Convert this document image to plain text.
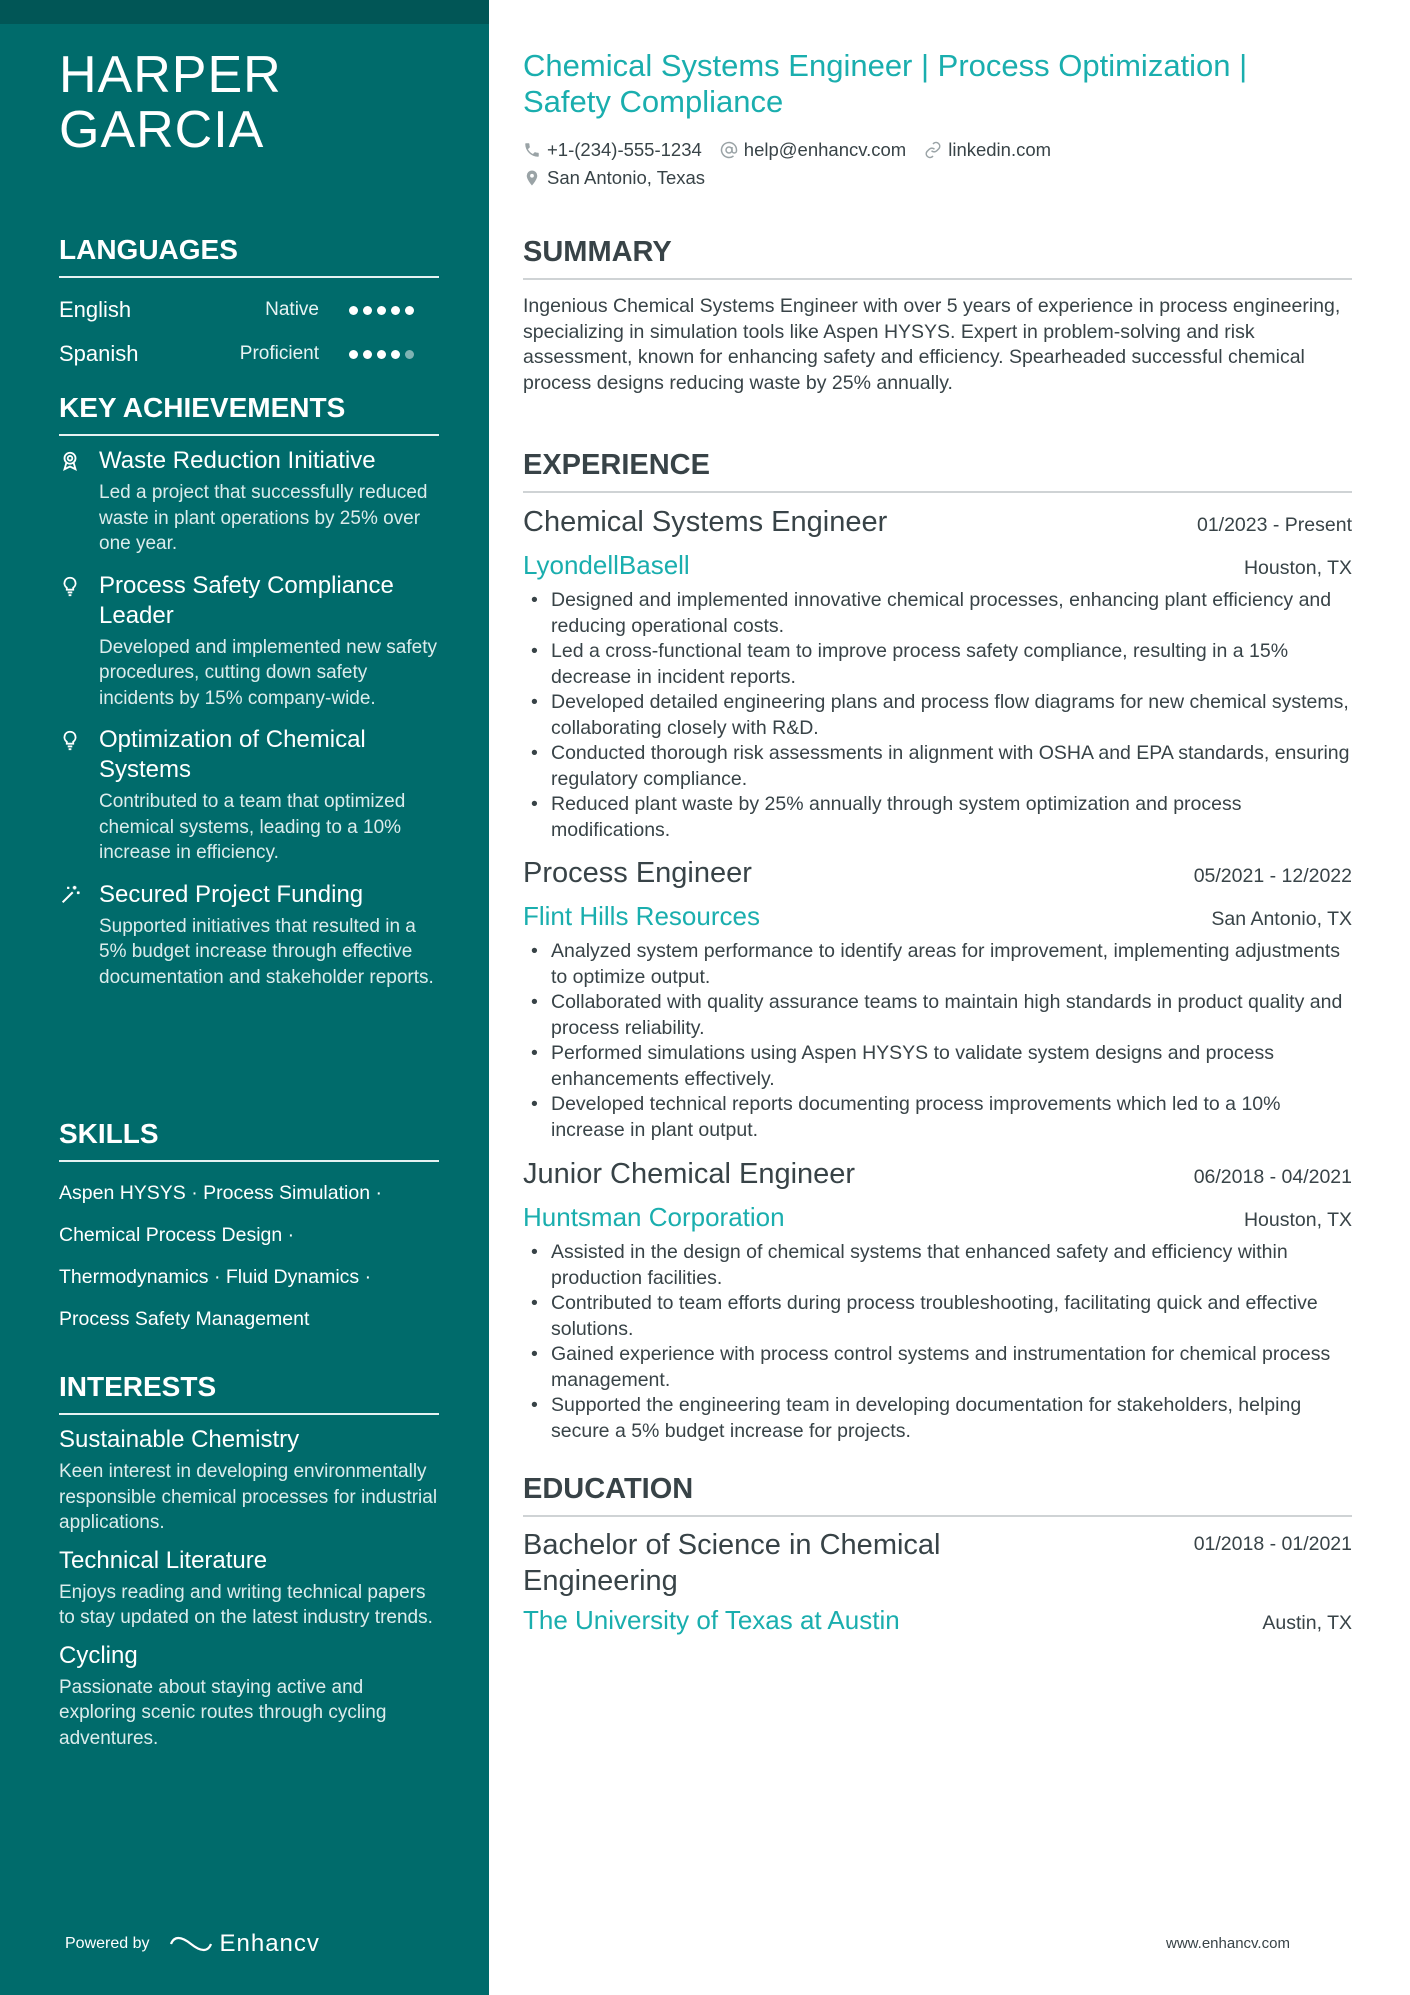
HARPER
GARCIA
LANGUAGES
English	Native
Spanish	Proficient
KEY ACHIEVEMENTS
Waste Reduction Initiative
Led a project that successfully reduced waste in plant operations by 25% over one year.
Process Safety Compliance Leader
Developed and implemented new safety procedures, cutting down safety incidents by 15% company-wide.
Optimization of Chemical Systems
Contributed to a team that optimized chemical systems, leading to a 10% increase in efficiency.
Secured Project Funding
Supported initiatives that resulted in a 5% budget increase through effective documentation and stakeholder reports.
SKILLS
Aspen HYSYS · Process Simulation ·
Chemical Process Design ·
Thermodynamics · Fluid Dynamics ·
Process Safety Management
INTERESTS
Sustainable Chemistry
Keen interest in developing environmentally responsible chemical processes for industrial applications.
Technical Literature
Enjoys reading and writing technical papers to stay updated on the latest industry trends.
Cycling
Passionate about staying active and exploring scenic routes through cycling adventures.
Powered by	Enhancv
Chemical Systems Engineer | Process Optimization | Safety Compliance
+1-(234)-555-1234 help@enhancv.com linkedin.com
San Antonio, Texas
SUMMARY

Ingenious Chemical Systems Engineer with over 5 years of experience in process engineering, specializing in simulation tools like Aspen HYSYS. Expert in problem-solving and risk assessment, known for enhancing safety and efficiency. Spearheaded successful chemical process designs reducing waste by 25% annually.

EXPERIENCE
Chemical Systems Engineer	01/2023 - Present
LyondellBasell	Houston, TX
• Designed and implemented innovative chemical processes, enhancing plant efficiency and reducing operational costs.
• Led a cross-functional team to improve process safety compliance, resulting in a 15% decrease in incident reports.
• Developed detailed engineering plans and process flow diagrams for new chemical systems, collaborating closely with R&D.
• Conducted thorough risk assessments in alignment with OSHA and EPA standards, ensuring regulatory compliance.
• Reduced plant waste by 25% annually through system optimization and process modifications.
Process Engineer	05/2021 - 12/2022
Flint Hills Resources	San Antonio, TX
• Analyzed system performance to identify areas for improvement, implementing adjustments to optimize output.
• Collaborated with quality assurance teams to maintain high standards in product quality and process reliability.
• Performed simulations using Aspen HYSYS to validate system designs and process enhancements effectively.
• Developed technical reports documenting process improvements which led to a 10% increase in plant output.
Junior Chemical Engineer	06/2018 - 04/2021
Huntsman Corporation	Houston, TX
• Assisted in the design of chemical systems that enhanced safety and efficiency within production facilities.
• Contributed to team efforts during process troubleshooting, facilitating quick and effective solutions.
• Gained experience with process control systems and instrumentation for chemical process management.
• Supported the engineering team in developing documentation for stakeholders, helping secure a 5% budget increase for projects.
EDUCATION
Bachelor of Science in Chemical Engineering
01/2018 - 01/2021
The University of Texas at Austin	Austin, TX
www.enhancv.com
